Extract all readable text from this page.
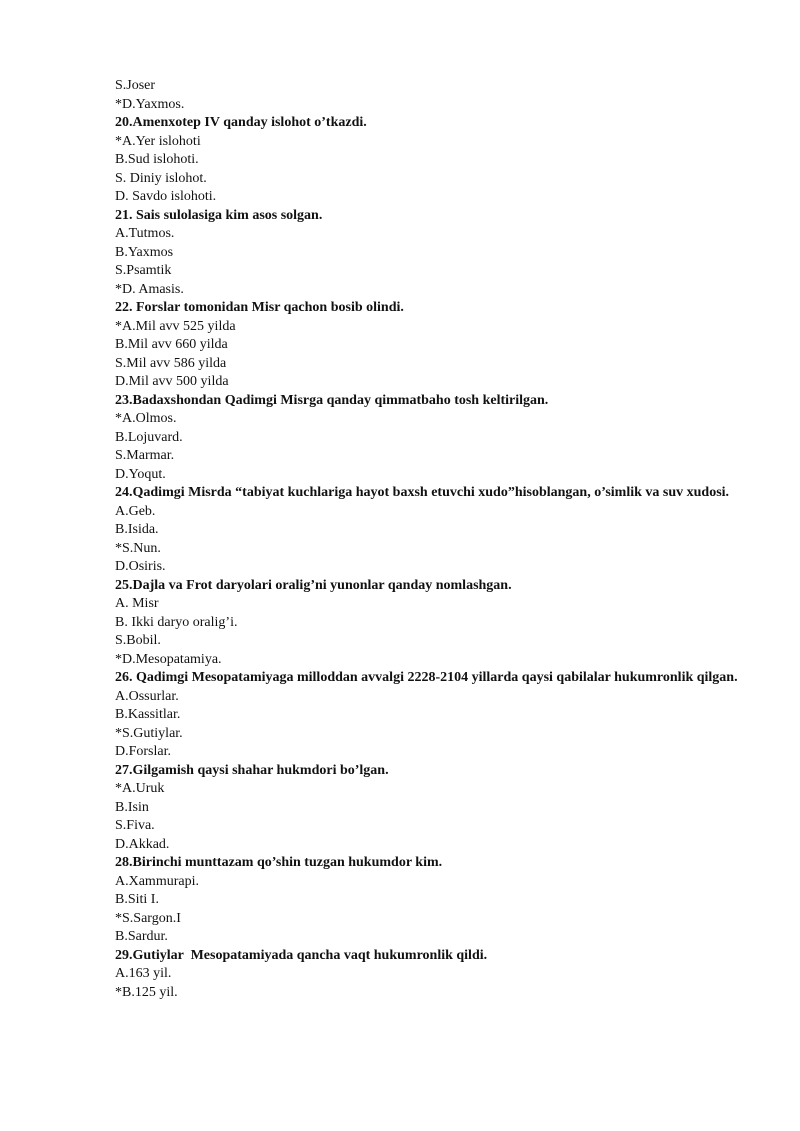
S.Joser
*D.Yaxmos.
20.Amenxotep IV qanday islohot o’tkazdi.
*A.Yer islohoti
B.Sud islohoti.
S. Diniy islohot.
D. Savdo islohoti.
21. Sais sulolasiga kim asos solgan.
A.Tutmos.
B.Yaxmos
S.Psamtik
*D. Amasis.
22. Forslar tomonidan Misr qachon bosib olindi.
*A.Mil avv 525 yilda
B.Mil avv 660 yilda
S.Mil avv 586 yilda
D.Mil avv 500 yilda
23.Badaxshondan Qadimgi Misrga qanday qimmatbaho tosh keltirilgan.
*A.Olmos.
B.Lojuvard.
S.Marmar.
D.Yoqut.
24.Qadimgi Misrda “tabiyat kuchlariga hayot baxsh etuvchi xudo”hisoblangan, o’simlik va suv xudosi.
A.Geb.
B.Isida.
*S.Nun.
D.Osiris.
25.Dajla va Frot daryolari oralig’ni yunonlar qanday nomlashgan.
A. Misr
B. Ikki daryo oralig’i.
S.Bobil.
*D.Mesopatamiya.
26. Qadimgi Mesopatamiyaga milloddan avvalgi 2228-2104 yillarda qaysi qabilalar hukumronlik qilgan.
A.Ossurlar.
B.Kassitlar.
*S.Gutiylar.
D.Forslar.
27.Gilgamish qaysi shahar hukmdori bo’lgan.
*A.Uruk
B.Isin
S.Fiva.
D.Akkad.
28.Birinchi munttazam qo’shin tuzgan hukumdor kim.
A.Xammurapi.
B.Siti I.
*S.Sargon.I
B.Sardur.
29.Gutiylar  Mesopatamiyada qancha vaqt hukumronlik qildi.
A.163 yil.
*B.125 yil.
